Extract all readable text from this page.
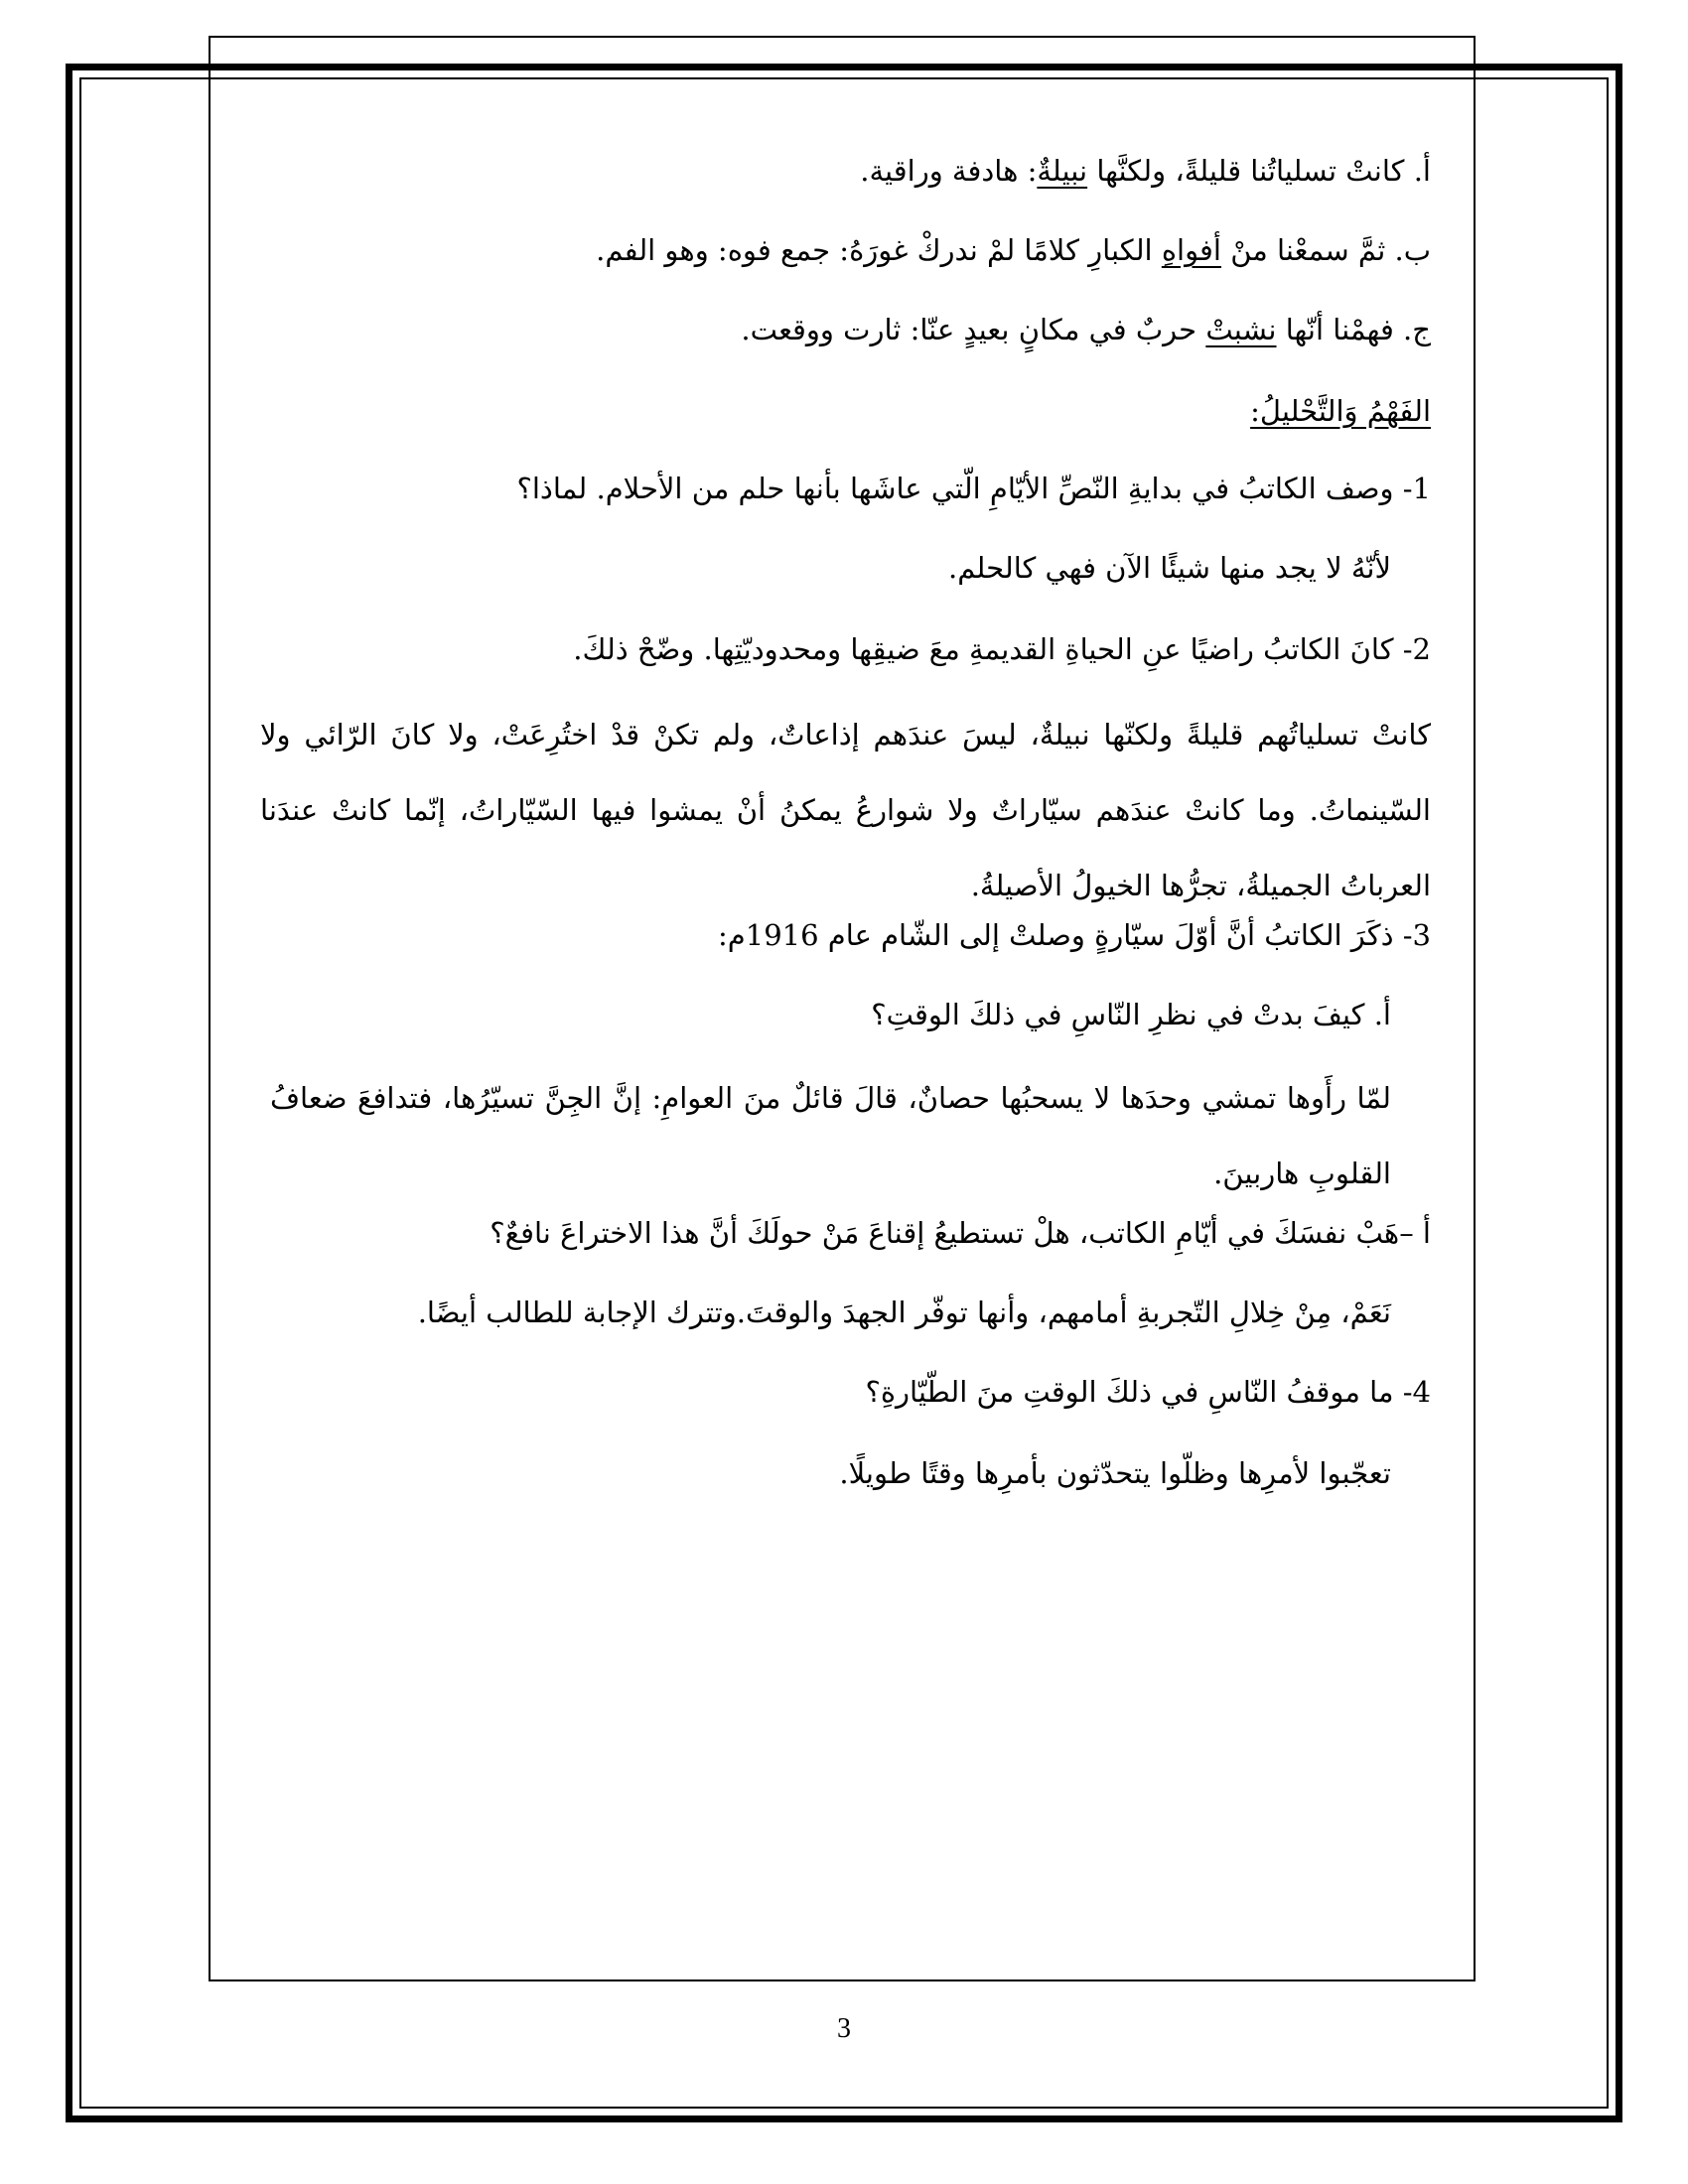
أ. كانتْ تسلياتُنا قليلةً، ولكنَّها نبيلةٌ: هادفة وراقية.
ب. ثمَّ سمعْنا منْ أفواهِ الكبارِ كلامًا لمْ ندركْ غورَهُ: جمع فوه: وهو الفم.
ج. فهمْنا أنّها نشبتْ حربٌ في مكانٍ بعيدٍ عنّا: ثارت ووقعت.
الفَهْمُ وَالتَّحْليلُ:
1- وصف الكاتبُ في بدايةِ النّصِّ الأيّامِ الّتي عاشَها بأنها حلم من الأحلام. لماذا؟
لأنّهُ لا يجد منها شيئًا الآن فهي كالحلم.
2- كانَ الكاتبُ راضيًا عنِ الحياةِ القديمةِ معَ ضيقِها ومحدوديّتِها. وضّحْ ذلكَ.

كانتْ تسلياتُهم قليلةً ولكنّها نبيلةٌ، ليسَ عندَهم إذاعاتٌ، ولم تكنْ قدْ اختُرِعَتْ، ولا كانَ الرّائي ولا السّينماتُ. وما كانتْ عندَهم سيّاراتٌ ولا شوارعُ يمكنُ أنْ يمشوا فيها السّيّاراتُ، إنّما كانتْ عندَنا العرباتُ الجميلةُ، تجرُّها الخيولُ الأصيلةُ.

3- ذكَرَ الكاتبُ أنَّ أوّلَ سيّارةٍ وصلتْ إلى الشّام عام 1916م:
أ. كيفَ بدتْ في نظرِ النّاسِ في ذلكَ الوقتِ؟

لمّا رأَوها تمشي وحدَها لا يسحبُها حصانٌ، قالَ قائلٌ منَ العوامِ: إنَّ الجِنَّ تسيّرُها، فتدافعَ ضعافُ القلوبِ هاربينَ.

أ –هَبْ نفسَكَ في أيّامِ الكاتب، هلْ تستطيعُ إقناعَ مَنْ حولَكَ أنَّ هذا الاختراعَ نافعٌ؟
نَعَمْ، مِنْ خِلالِ التّجربةِ أمامهم، وأنها توفّر الجهدَ والوقتَ.وتترك الإجابة للطالب أيضًا.
4- ما موقفُ النّاسِ في ذلكَ الوقتِ منَ الطّيّارةِ؟
تعجّبوا لأمرِها وظلّوا يتحدّثون بأمرِها وقتًا طويلًا.
3
